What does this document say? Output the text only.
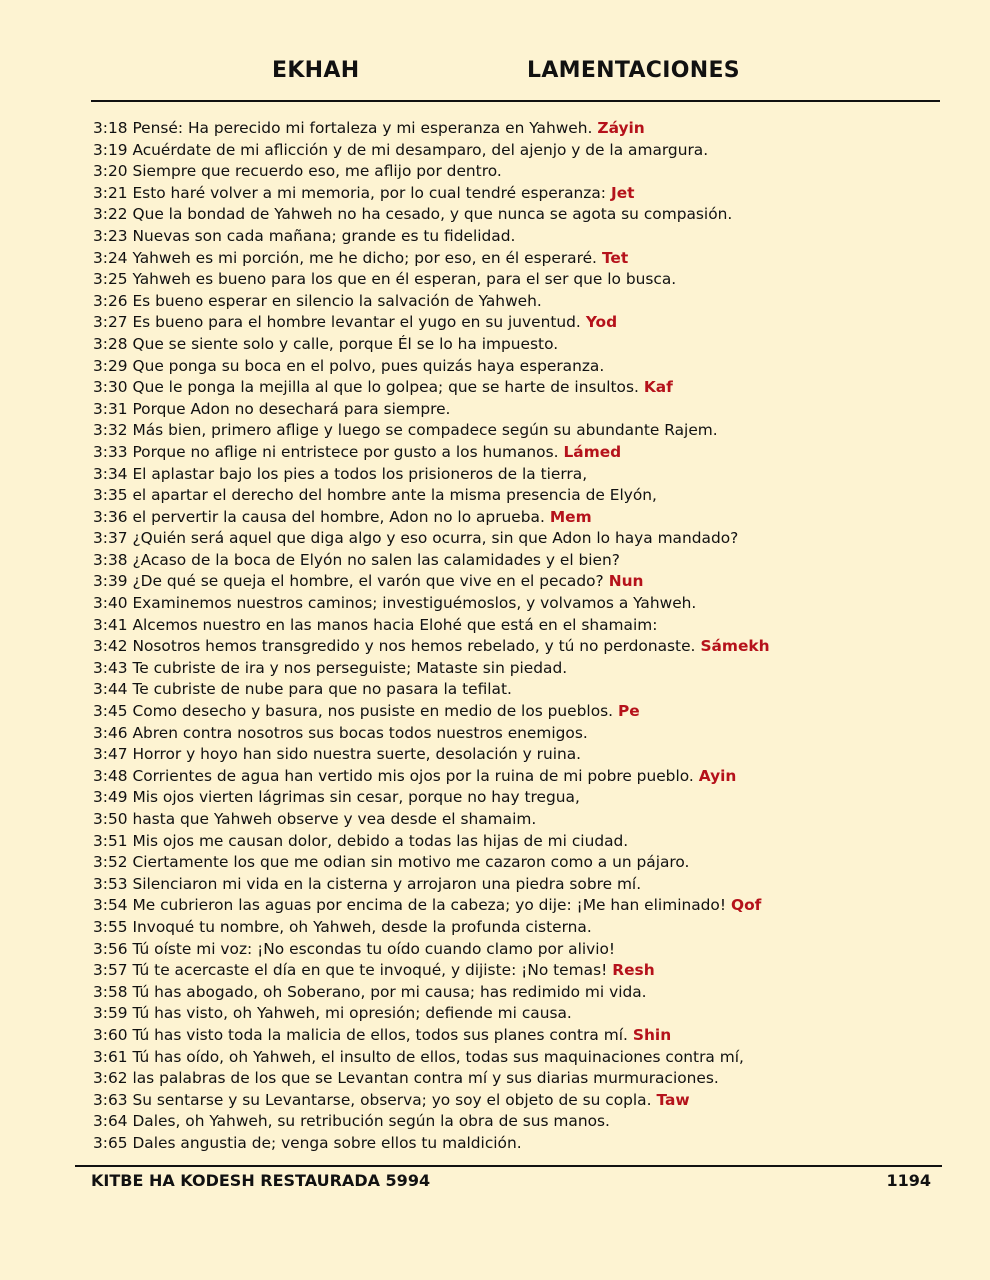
EKHAH	LAMENTACIONES
3:18 Pensé: Ha perecido mi fortaleza y mi esperanza en Yahweh. Záyin
3:19 Acuérdate de mi aflicción y de mi desamparo, del ajenjo y de la amargura.
3:20 Siempre que recuerdo eso, me aflijo por dentro.
3:21 Esto haré volver a mi memoria, por lo cual tendré esperanza: Jet
3:22 Que la bondad de Yahweh no ha cesado, y que nunca se agota su compasión.
3:23 Nuevas son cada mañana; grande es tu fidelidad.
3:24 Yahweh es mi porción, me he dicho; por eso, en él esperaré. Tet
3:25 Yahweh es bueno para los que en él esperan, para el ser que lo busca.
3:26 Es bueno esperar en silencio la salvación de Yahweh.
3:27 Es bueno para el hombre levantar el yugo en su juventud. Yod
3:28 Que se siente solo y calle, porque Él se lo ha impuesto.
3:29 Que ponga su boca en el polvo, pues quizás haya esperanza.
3:30 Que le ponga la mejilla al que lo golpea; que se harte de insultos. Kaf
3:31 Porque Adon no desechará para siempre.
3:32 Más bien, primero aflige y luego se compadece según su abundante Rajem.
3:33 Porque no aflige ni entristece por gusto a los humanos. Lámed
3:34 El aplastar bajo los pies a todos los prisioneros de la tierra,
3:35 el apartar el derecho del hombre ante la misma presencia de Elyón,
3:36 el pervertir la causa del hombre, Adon no lo aprueba. Mem
3:37 ¿Quién será aquel que diga algo y eso ocurra, sin que Adon lo haya mandado?
3:38 ¿Acaso de la boca de Elyón no salen las calamidades y el bien?
3:39 ¿De qué se queja el hombre, el varón que vive en el pecado? Nun
3:40 Examinemos nuestros caminos; investiguémoslos, y volvamos a Yahweh.
3:41 Alcemos nuestro en las manos hacia Elohé que está en el shamaim:
3:42 Nosotros hemos transgredido y nos hemos rebelado, y tú no perdonaste. Sámekh
3:43 Te cubriste de ira y nos perseguiste; Mataste sin piedad.
3:44 Te cubriste de nube para que no pasara la tefilat.
3:45 Como desecho y basura, nos pusiste en medio de los pueblos. Pe
3:46 Abren contra nosotros sus bocas todos nuestros enemigos.
3:47 Horror y hoyo han sido nuestra suerte, desolación y ruina.
3:48 Corrientes de agua han vertido mis ojos por la ruina de mi pobre pueblo. Ayin
3:49 Mis ojos vierten lágrimas sin cesar, porque no hay tregua,
3:50 hasta que Yahweh observe y vea desde el shamaim.
3:51 Mis ojos me causan dolor, debido a todas las hijas de mi ciudad.
3:52 Ciertamente los que me odian sin motivo me cazaron como a un pájaro.
3:53 Silenciaron mi vida en la cisterna y arrojaron una piedra sobre mí.
3:54 Me cubrieron las aguas por encima de la cabeza; yo dije: ¡Me han eliminado! Qof
3:55 Invoqué tu nombre, oh Yahweh, desde la profunda cisterna.
3:56 Tú oíste mi voz: ¡No escondas tu oído cuando clamo por alivio!
3:57 Tú te acercaste el día en que te invoqué, y dijiste: ¡No temas! Resh
3:58 Tú has abogado, oh Soberano, por mi causa; has redimido mi vida.
3:59 Tú has visto, oh Yahweh, mi opresión; defiende mi causa.
3:60 Tú has visto toda la malicia de ellos, todos sus planes contra mí. Shin
3:61 Tú has oído, oh Yahweh, el insulto de ellos, todas sus maquinaciones contra mí,
3:62 las palabras de los que se Levantan contra mí y sus diarias murmuraciones.
3:63 Su sentarse y su Levantarse, observa; yo soy el objeto de su copla. Taw
3:64 Dales, oh Yahweh, su retribución según la obra de sus manos.
3:65 Dales angustia de; venga sobre ellos tu maldición.
KITBE HA KODESH RESTAURADA 5994	1194
